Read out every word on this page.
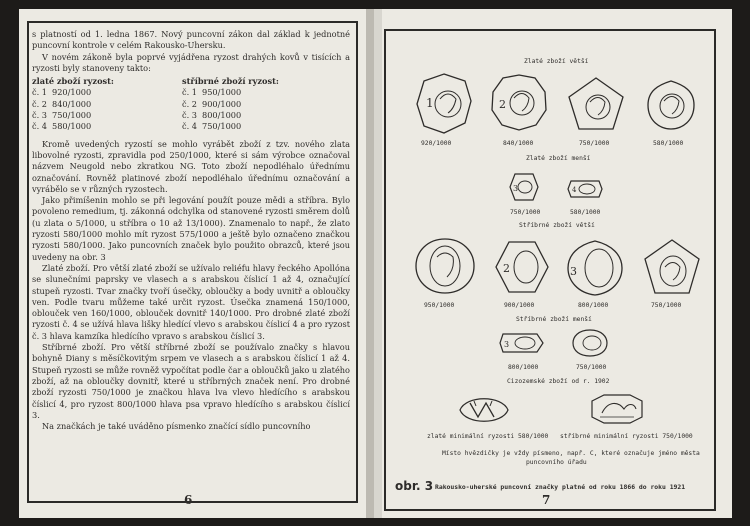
s platností od 1. ledna 1867. Nový puncovní zákon dal základ k jednotné puncovní kontrole v celém Rakousko-Uhersku.

V novém zákoně byla poprvé vyjádřena ryzost drahých kovů v tisících a ryzosti byly stanoveny takto:

zlaté zboží ryzost:
č. 1 920/1000
č. 2 840/1000
č. 3 750/1000
č. 4 580/1000
stříbrné zboží ryzost:
č. 1 950/1000
č. 2 900/1000
č. 3 800/1000
č. 4 750/1000

Kromě uvedených ryzostí se mohlo vyrábět zboží z tzv. nového zlata libovolné ryzosti, zpravidla pod 250/1000, které si sám výrobce označoval názvem Neugold nebo zkratkou NG. Toto zboží nepodléhalo úřednímu označování. Rovněž platinové zboží nepodléhalo úřednímu označování a vyrábělo se v různých ryzostech.

Jako přimíšenin mohlo se při legování použít pouze mědi a stříbra. Bylo povoleno remedium, tj. zákonná odchylka od stanovené ryzosti směrem dolů (u zlata o 5/1000, u stříbra o 10 až 13/1000). Znamenalo to např., že zlato ryzosti 580/1000 mohlo mít ryzost 575/1000 a ještě bylo označeno značkou ryzosti 580/1000. Jako puncovních značek bylo použito obrazců, které jsou uvedeny na obr. 3

Zlaté zboží. Pro větší zlaté zboží se užívalo reliéfu hlavy řeckého Apollóna se slunečními paprsky ve vlasech a s arabskou číslicí 1 až 4, označující stupeň ryzosti. Tvar značky tvoří úsečky, obloučky a body uvnitř a obloučky ven. Podle tvaru můžeme také určit ryzost. Úsečka znamená 150/1000, oblouček ven 160/1000, oblouček dovnitř 140/1000. Pro drobné zlaté zboží ryzosti č. 4 se užívá hlava lišky hledící vlevo s arabskou číslicí 4 a pro ryzost č. 3 hlava kamzíka hledícího vpravo s arabskou číslicí 3.

Stříbrné zboží. Pro větší stříbrné zboží se používalo značky s hlavou bohyně Diany s měsíčkovitým srpem ve vlasech a s arabskou číslicí 1 až 4. Stupeň ryzosti se může rovněž vypočítat podle čar a obloučků jako u zlatého zboží, až na obloučky dovnitř, které u stříbrných značek není. Pro drobné zboží ryzosti 750/1000 je značkou hlava lva vlevo hledícího s arabskou číslicí 4, pro ryzost 800/1000 hlava psa vpravo hledícího s arabskou číslicí 3.

Na značkách je také uváděno písmenko značící sídlo puncovního

6
Zlaté zboží větší
1	2
920/1000	840/1000	750/1000	580/1000
Zlaté zboží menší
3	4
750/1000	580/1000
Stříbrné zboží větší
2	3
950/1000	900/1000	800/1000	750/1000
Stříbrné zboží menší
3
800/1000	750/1000
Cizozemské zboží od r. 1902
zlaté minimální ryzosti 580/1000 stříbrné minimální ryzosti 750/1000
Místo hvězdičky je vždy písmeno, např. C, které označuje jméno města
puncovního úřadu
obr. 3 Rakousko-uherské puncovní značky platné od roku 1866 do roku 1921
7
